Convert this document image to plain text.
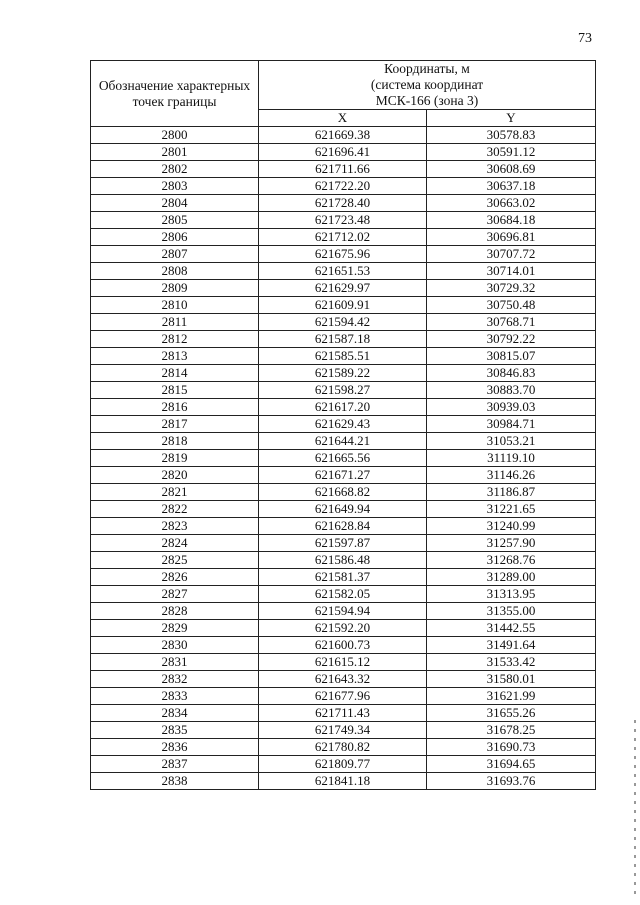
73
Обозначение характерных точек границы	Координаты, м
(система координат
МСК-166 (зона 3)	

	X	Y
2800	621669.38	30578.83
2801	621696.41	30591.12
2802	621711.66	30608.69
2803	621722.20	30637.18
2804	621728.40	30663.02
2805	621723.48	30684.18
2806	621712.02	30696.81
2807	621675.96	30707.72
2808	621651.53	30714.01
2809	621629.97	30729.32
2810	621609.91	30750.48
2811	621594.42	30768.71
2812	621587.18	30792.22
2813	621585.51	30815.07
2814	621589.22	30846.83
2815	621598.27	30883.70
2816	621617.20	30939.03
2817	621629.43	30984.71
2818	621644.21	31053.21
2819	621665.56	31119.10
2820	621671.27	31146.26
2821	621668.82	31186.87
2822	621649.94	31221.65
2823	621628.84	31240.99
2824	621597.87	31257.90
2825	621586.48	31268.76
2826	621581.37	31289.00
2827	621582.05	31313.95
2828	621594.94	31355.00
2829	621592.20	31442.55
2830	621600.73	31491.64
2831	621615.12	31533.42
2832	621643.32	31580.01
2833	621677.96	31621.99
2834	621711.43	31655.26
2835	621749.34	31678.25
2836	621780.82	31690.73
2837	621809.77	31694.65
2838	621841.18	31693.76
